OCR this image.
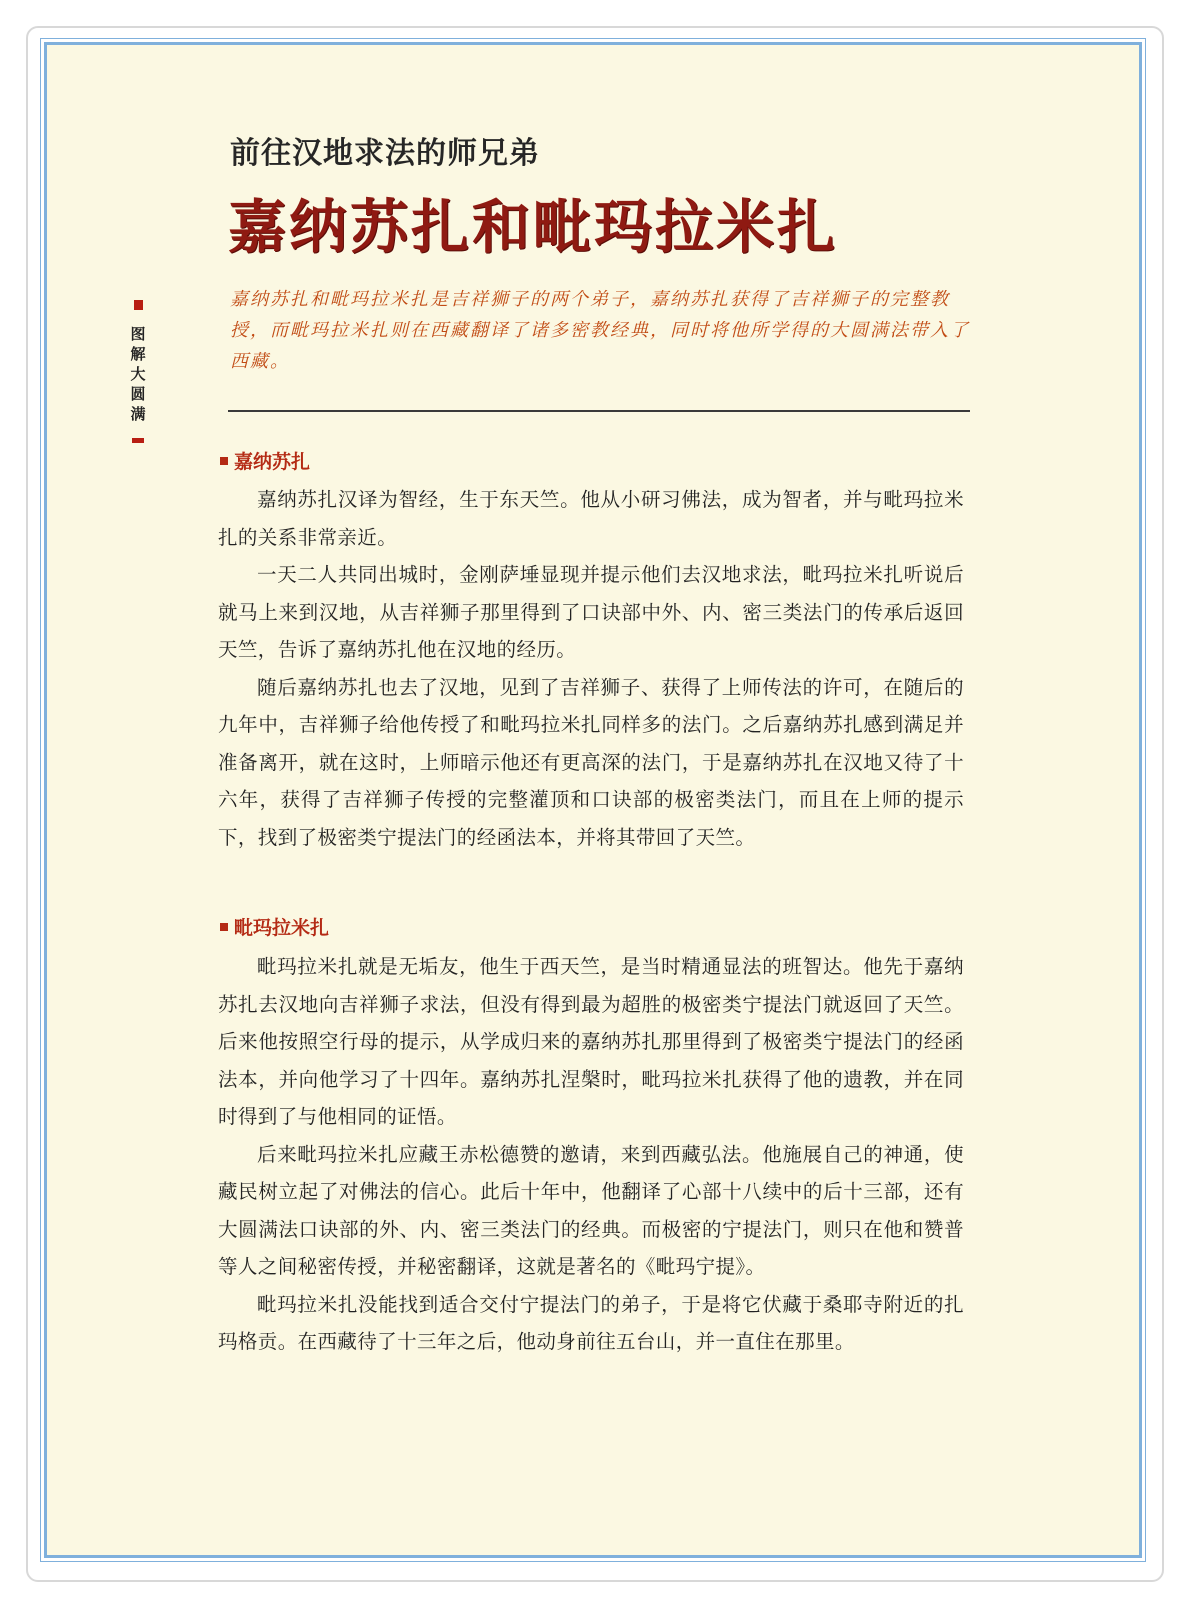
图解大圆满
前往汉地求法的师兄弟
嘉纳苏扎和毗玛拉米扎
嘉纳苏扎和毗玛拉米扎是吉祥狮子的两个弟子，嘉纳苏扎获得了吉祥狮子的完整教授，而毗玛拉米扎则在西藏翻译了诸多密教经典，同时将他所学得的大圆满法带入了西藏。
嘉纳苏扎

嘉纳苏扎汉译为智经，生于东天竺。他从小研习佛法，成为智者，并与毗玛拉米扎的关系非常亲近。

一天二人共同出城时，金刚萨埵显现并提示他们去汉地求法，毗玛拉米扎听说后就马上来到汉地，从吉祥狮子那里得到了口诀部中外、内、密三类法门的传承后返回天竺，告诉了嘉纳苏扎他在汉地的经历。

随后嘉纳苏扎也去了汉地，见到了吉祥狮子、获得了上师传法的许可，在随后的九年中，吉祥狮子给他传授了和毗玛拉米扎同样多的法门。之后嘉纳苏扎感到满足并准备离开，就在这时，上师暗示他还有更高深的法门，于是嘉纳苏扎在汉地又待了十六年，获得了吉祥狮子传授的完整灌顶和口诀部的极密类法门，而且在上师的提示下，找到了极密类宁提法门的经函法本，并将其带回了天竺。

毗玛拉米扎

毗玛拉米扎就是无垢友，他生于西天竺，是当时精通显法的班智达。他先于嘉纳苏扎去汉地向吉祥狮子求法，但没有得到最为超胜的极密类宁提法门就返回了天竺。后来他按照空行母的提示，从学成归来的嘉纳苏扎那里得到了极密类宁提法门的经函法本，并向他学习了十四年。嘉纳苏扎涅槃时，毗玛拉米扎获得了他的遗教，并在同时得到了与他相同的证悟。

后来毗玛拉米扎应藏王赤松德赞的邀请，来到西藏弘法。他施展自己的神通，使藏民树立起了对佛法的信心。此后十年中，他翻译了心部十八续中的后十三部，还有大圆满法口诀部的外、内、密三类法门的经典。而极密的宁提法门，则只在他和赞普等人之间秘密传授，并秘密翻译，这就是著名的《毗玛宁提》。

毗玛拉米扎没能找到适合交付宁提法门的弟子，于是将它伏藏于桑耶寺附近的扎玛格贡。在西藏待了十三年之后，他动身前往五台山，并一直住在那里。
